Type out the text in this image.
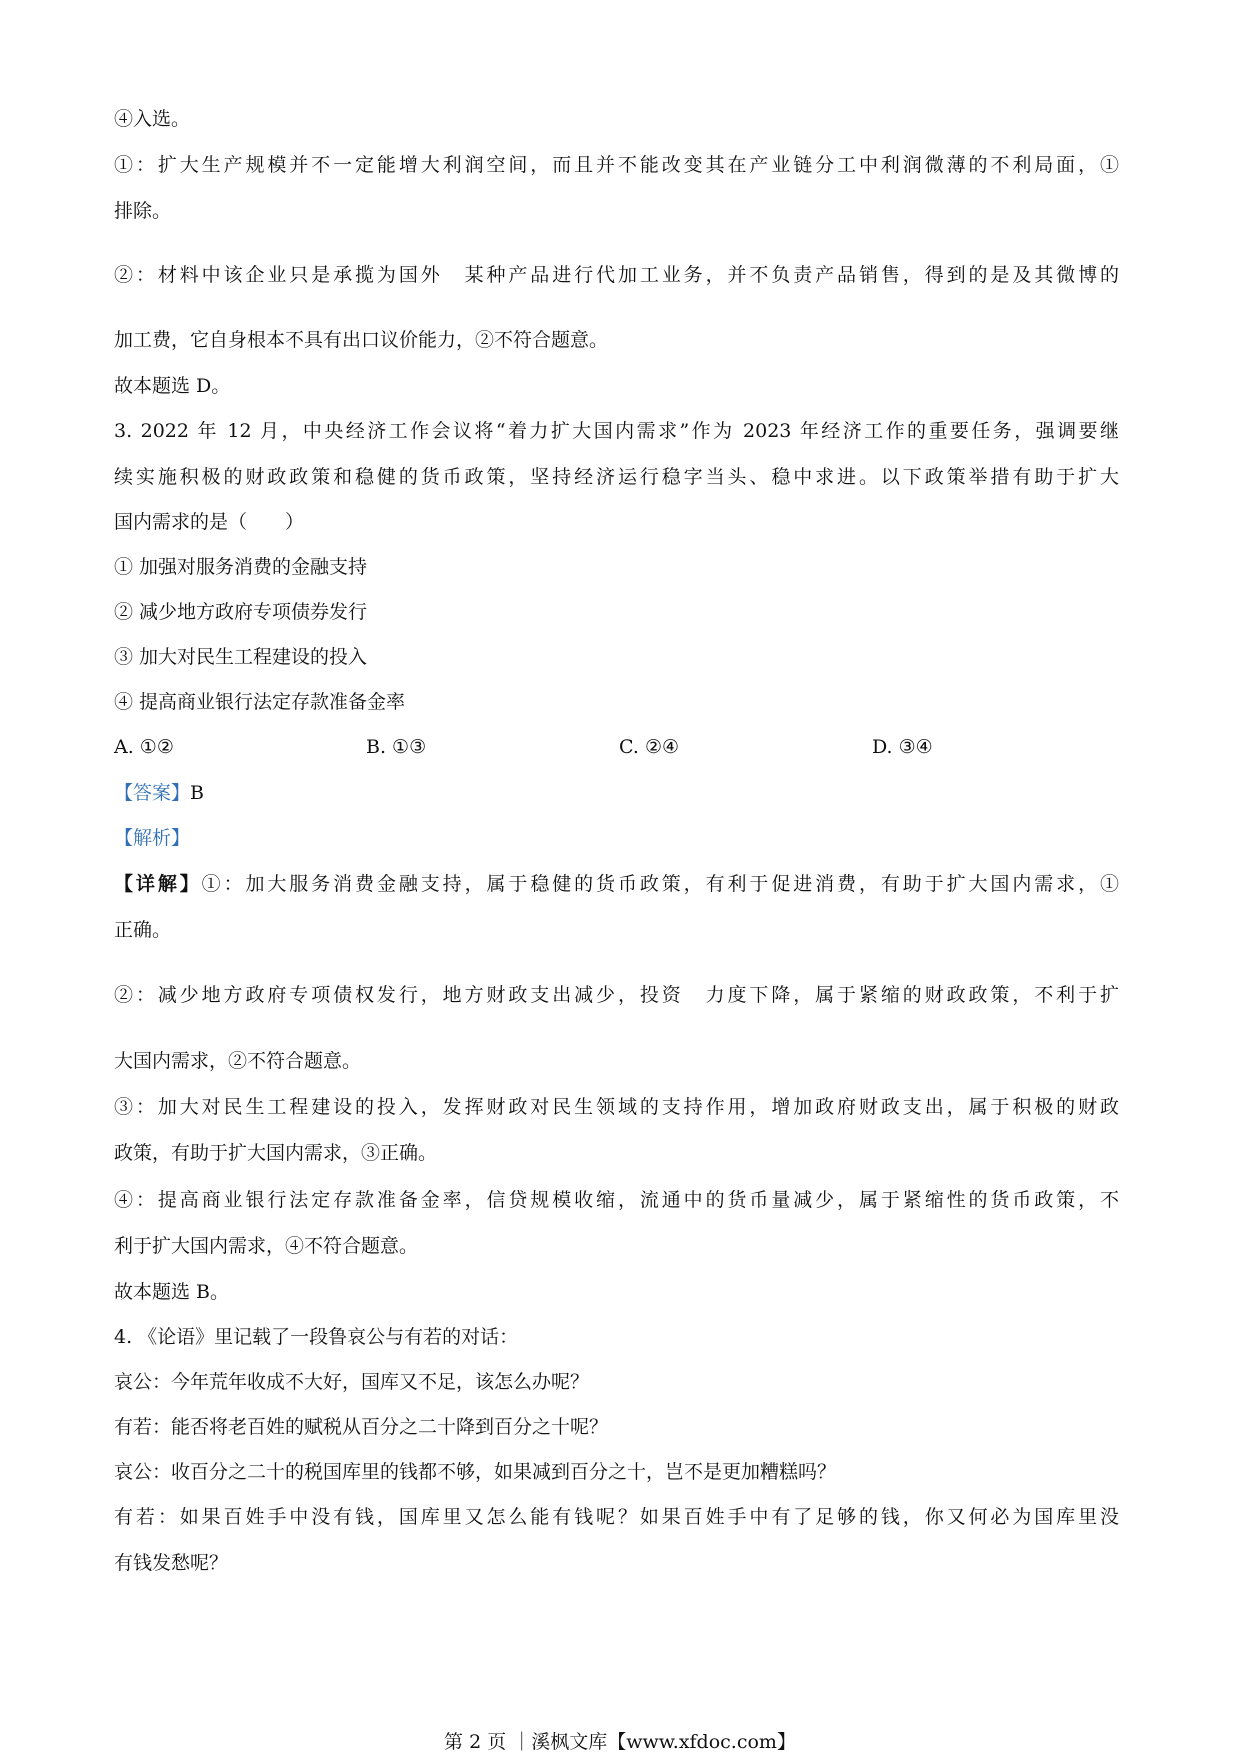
④入选。
①：扩大生产规模并不一定能增大利润空间，而且并不能改变其在产业链分工中利润微薄的不利局面，①
排除。
②：材料中该企业只是承揽为国外　某种产品进行代加工业务，并不负责产品销售，得到的是及其微博的
加工费，它自身根本不具有出口议价能力，②不符合题意。
故本题选 D。
3. 2022 年 12 月，中央经济工作会议将“着力扩大国内需求”作为 2023 年经济工作的重要任务，强调要继
续实施积极的财政政策和稳健的货币政策，坚持经济运行稳字当头、稳中求进。以下政策举措有助于扩大
国内需求的是（　　）
① 加强对服务消费的金融支持
② 减少地方政府专项债券发行
③ 加大对民生工程建设的投入
④ 提高商业银行法定存款准备金率
A. ①②	B. ①③	C. ②④	D. ③④
【答案】B
【解析】
【详解】①：加大服务消费金融支持，属于稳健的货币政策，有利于促进消费，有助于扩大国内需求，①
正确。
②：减少地方政府专项债权发行，地方财政支出减少，投资　力度下降，属于紧缩的财政政策，不利于扩
大国内需求，②不符合题意。
③：加大对民生工程建设的投入，发挥财政对民生领域的支持作用，增加政府财政支出，属于积极的财政
政策，有助于扩大国内需求，③正确。
④：提高商业银行法定存款准备金率，信贷规模收缩，流通中的货币量减少，属于紧缩性的货币政策，不
利于扩大国内需求，④不符合题意。
故本题选 B。
4. 《论语》里记载了一段鲁哀公与有若的对话：
哀公：今年荒年收成不大好，国库又不足，该怎么办呢？
有若：能否将老百姓的赋税从百分之二十降到百分之十呢？
哀公：收百分之二十的税国库里的钱都不够，如果减到百分之十，岂不是更加糟糕吗？
有若：如果百姓手中没有钱，国库里又怎么能有钱呢？如果百姓手中有了足够的钱，你又何必为国库里没
有钱发愁呢？
第 2 页 ｜溪枫文库【www.xfdoc.com】
